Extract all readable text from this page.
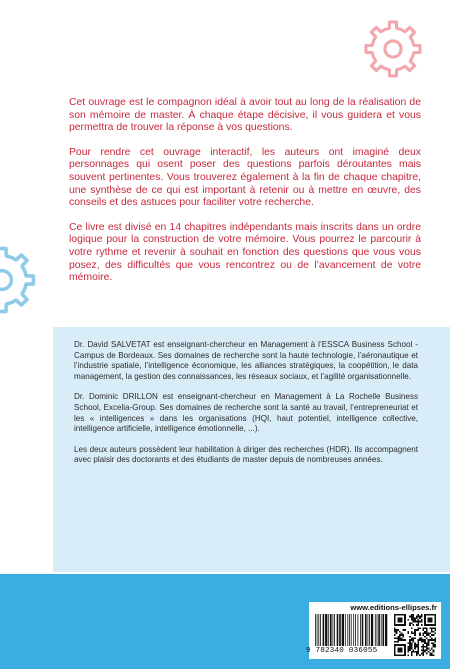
Cet ouvrage est le compagnon idéal à avoir tout au long de la réalisation de son mémoire de master. À chaque étape décisive, il vous guidera et vous permettra de trouver la réponse à vos questions.

Pour rendre cet ouvrage interactif, les auteurs ont imaginé deux personnages qui osent poser des questions parfois déroutantes mais souvent pertinentes. Vous trouverez également à la fin de chaque chapitre, une synthèse de ce qui est important à retenir ou à mettre en œuvre, des conseils et des astuces pour faciliter votre recherche.

Ce livre est divisé en 14 chapitres indépendants mais inscrits dans un ordre logique pour la construction de votre mémoire. Vous pourrez le parcourir à votre rythme et revenir à souhait en fonction des questions que vous vous posez, des difficultés que vous rencontrez ou de l’avancement de votre mémoire.

Dr. David SALVETAT est enseignant-chercheur en Management à l’ESSCA Business School - Campus de Bordeaux. Ses domaines de recherche sont la haute technologie, l’aéronautique et l’industrie spatiale, l’intelligence économique, les alliances stratégiques, la coopétition, le data management, la gestion des connaissances, les réseaux sociaux, et l’agilité organisationnelle.

Dr. Dominic DRILLON est enseignant-chercheur en Management à La Rochelle Business School, Excelia-Group. Ses domaines de recherche sont la santé au travail, l’entrepreneuriat et les « intelligences » dans les organisations (HQI, haut potentiel, intelligence collective, intelligence artificielle, intelligence émotionnelle, ...).

Les deux auteurs possèdent leur habilitation à diriger des recherches (HDR). Ils accompagnent avec plaisir des doctorants et des étudiants de master depuis de nombreuses années.

www.editions-ellipses.fr
9 782340 036055
